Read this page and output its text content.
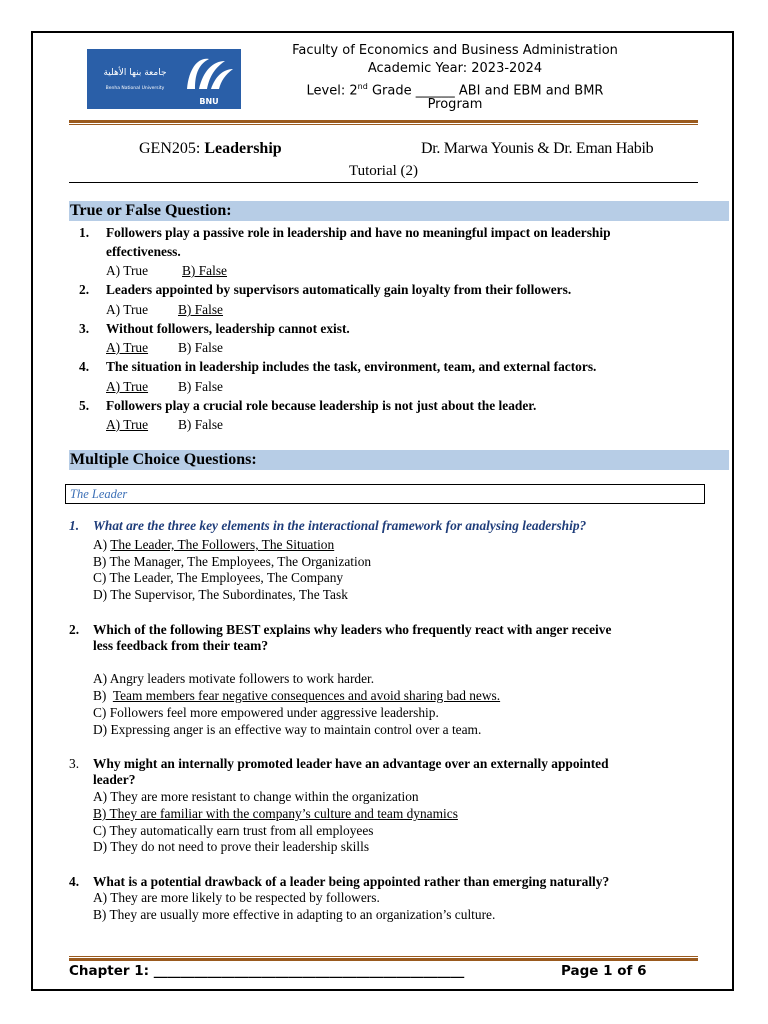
جامعة بنها الأهلية
Benha National University
BNU
Faculty of Economics and Business Administration
Academic Year: 2023-2024
Level: 2nd Grade ______ ABI and EBM and BMR
Program
GEN205: Leadership	Dr. Marwa Younis & Dr. Eman Habib
Tutorial (2)
True or False Question:
1. Followers play a passive role in leadership and have no meaningful impact on leadership
effectiveness.
A) True	B) False
2. Leaders appointed by supervisors automatically gain loyalty from their followers.
A) True B) False
3. Without followers, leadership cannot exist.
A) True B) False
4. The situation in leadership includes the task, environment, team, and external factors.
A) True B) False
5. Followers play a crucial role because leadership is not just about the leader.
A) True B) False
Multiple Choice Questions:
The Leader
1. What are the three key elements in the interactional framework for analysing leadership?
A) The Leader, The Followers, The Situation
B) The Manager, The Employees, The Organization
C) The Leader, The Employees, The Company
D) The Supervisor, The Subordinates, The Task
2. Which of the following BEST explains why leaders who frequently react with anger receive
less feedback from their team?
A) Angry leaders motivate followers to work harder.
B)  Team members fear negative consequences and avoid sharing bad news.
C) Followers feel more empowered under aggressive leadership.
D) Expressing anger is an effective way to maintain control over a team.
3. Why might an internally promoted leader have an advantage over an externally appointed
leader?
A) They are more resistant to change within the organization
B) They are familiar with the company’s culture and team dynamics
C) They automatically earn trust from all employees
D) They do not need to prove their leadership skills
4. What is a potential drawback of a leader being appointed rather than emerging naturally?
A) They are more likely to be respected by followers.
B) They are usually more effective in adapting to an organization’s culture.
Chapter 1: ______________________________________________	Page 1 of 6
